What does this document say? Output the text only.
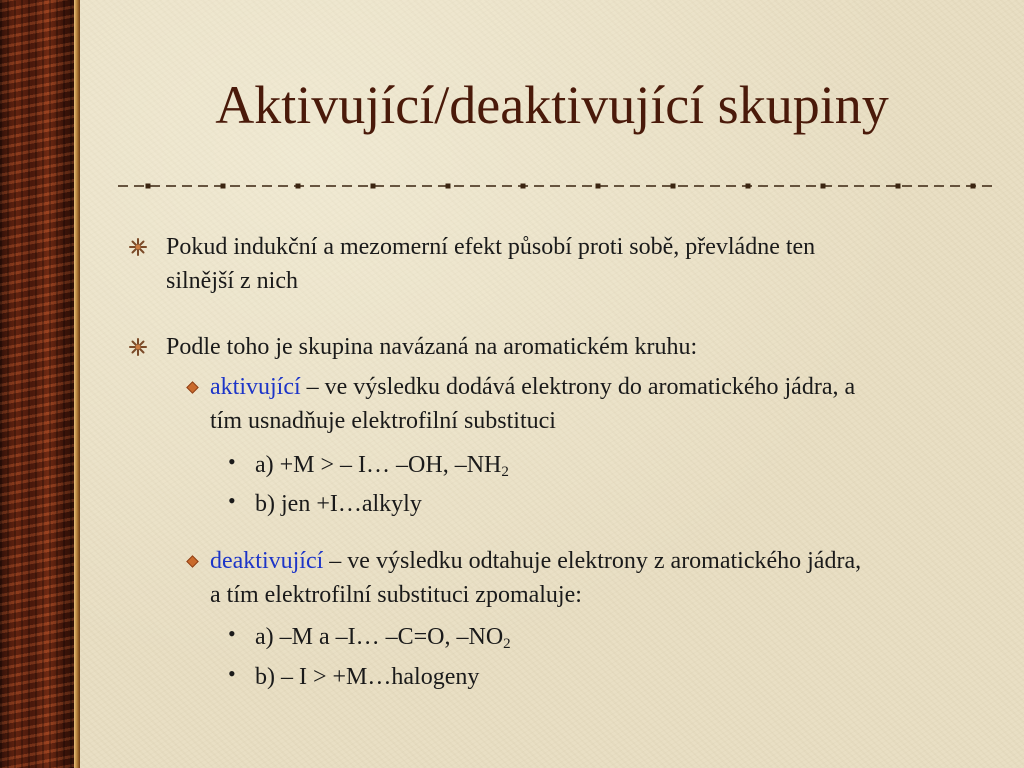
Aktivující/deaktivující skupiny
Pokud indukční a mezomerní efekt působí proti sobě, převládne ten
silnější z nich
Podle toho je skupina navázaná na aromatickém kruhu:
aktivující – ve výsledku dodává elektrony do aromatického jádra, a
tím usnadňuje elektrofilní substituci
• a) +M > – I… –OH, $-NH_2$
• b) jen +I…alkyly
deaktivující – ve výsledku odtahuje elektrony z aromatického jádra,
a tím elektrofilní substituci zpomaluje:
• a) –M a –I… –C=O, $-NO_2$
• b) – I > +M…halogeny
